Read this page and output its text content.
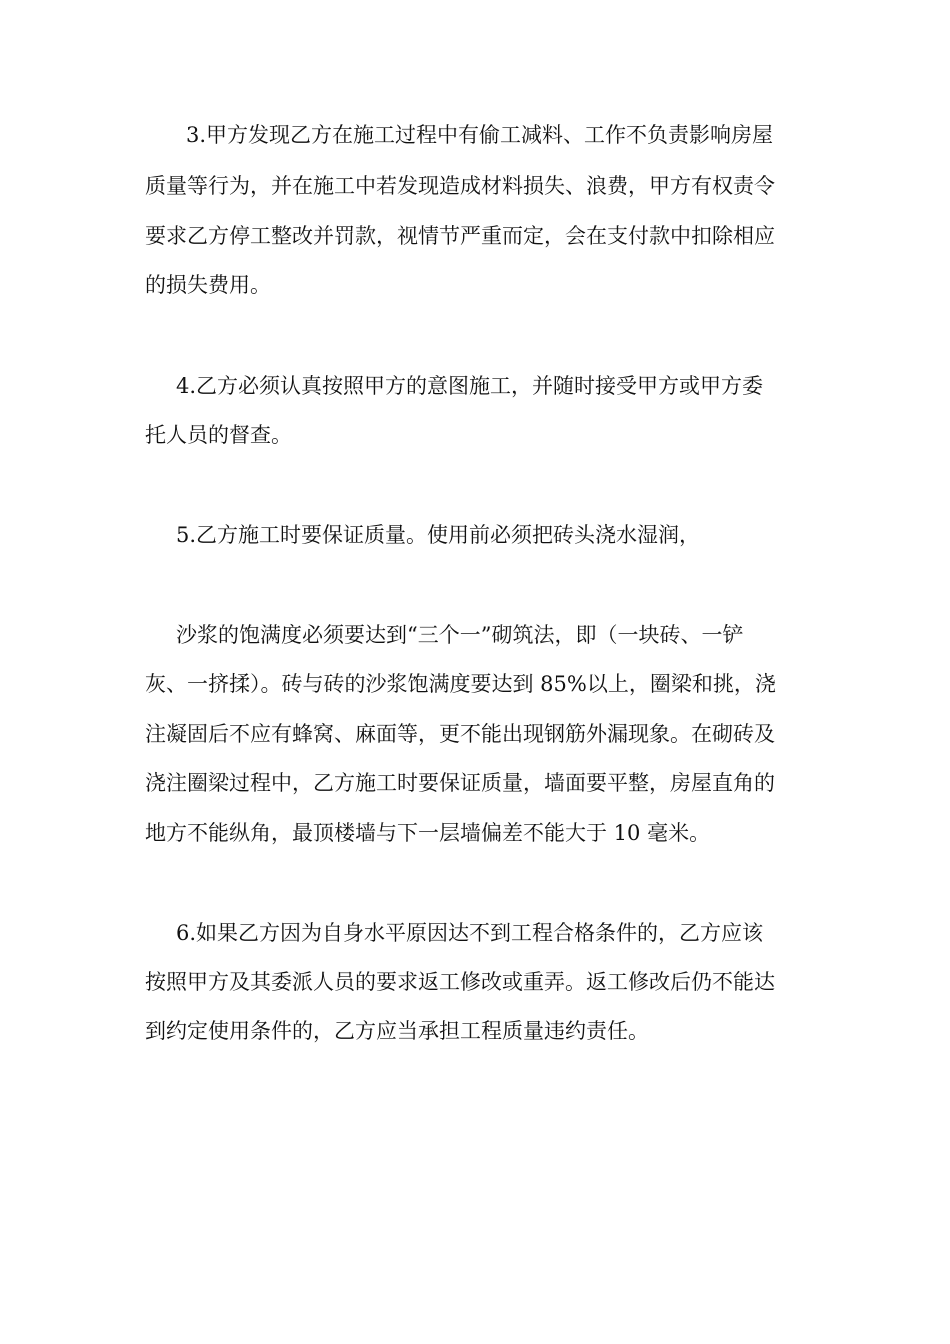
3.甲方发现乙方在施工过程中有偷工减料、工作不负责影响房屋
质量等行为，并在施工中若发现造成材料损失、浪费，甲方有权责令
要求乙方停工整改并罚款，视情节严重而定，会在支付款中扣除相应
的损失费用。
4.乙方必须认真按照甲方的意图施工，并随时接受甲方或甲方委
托人员的督查。
5.乙方施工时要保证质量。使用前必须把砖头浇水湿润，
沙浆的饱满度必须要达到“三个一”砌筑法，即（一块砖、一铲
灰、一挤揉）。砖与砖的沙浆饱满度要达到 85%以上，圈梁和挑，浇
注凝固后不应有蜂窝、麻面等，更不能出现钢筋外漏现象。在砌砖及
浇注圈梁过程中，乙方施工时要保证质量，墙面要平整，房屋直角的
地方不能纵角，最顶楼墙与下一层墙偏差不能大于 10 毫米。
6.如果乙方因为自身水平原因达不到工程合格条件的，乙方应该
按照甲方及其委派人员的要求返工修改或重弄。返工修改后仍不能达
到约定使用条件的，乙方应当承担工程质量违约责任。
